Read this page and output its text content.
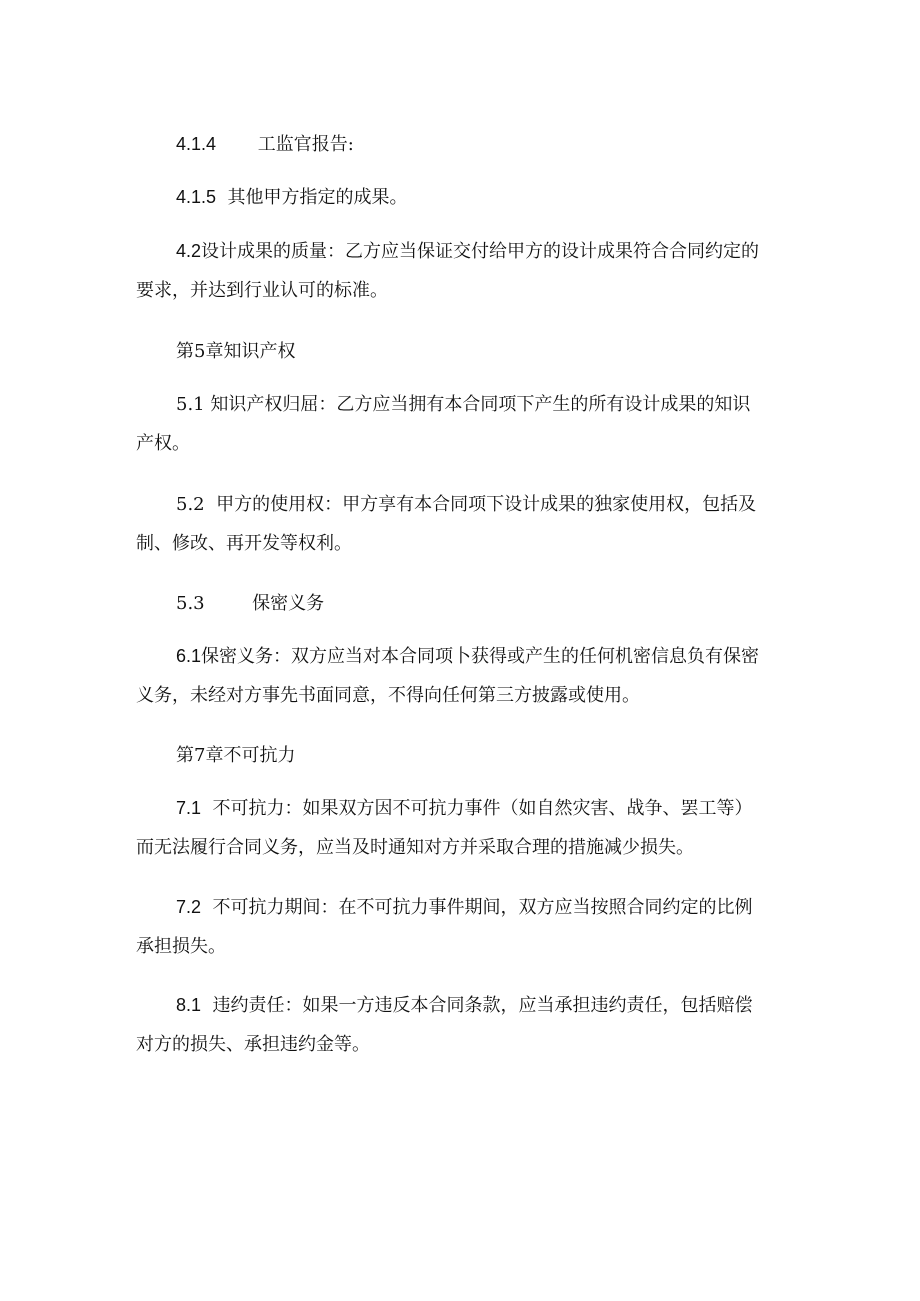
4.1.4　　 工监官报告:

4.1.5 其他甲方指定的成果。

4.2设计成果的质量：乙方应当保证交付给甲方的设计成果符合合同约定的
要求，并达到行业认可的标准。

第5章知识产权

5.1 知识产权归屈：乙方应当拥有本合同项下产生的所有设计成果的知识
产权。

5.2 甲方的使用权：甲方享有本合同项下设计成果的独家使用权，包括及
制、修改、再开发等权利。

5.3　　	保密义务

6.1保密义务：双方应当对本合同项卜获得或产生的任何机密信息负有保密
义务，未经对方事先书面同意，不得向任何第三方披露或使用。

第7章不可抗力

7.1 不可抗力：如果双方因不可抗力事件（如自然灾害、战争、罢工等）
而无法履行合同义务，应当及时通知对方并采取合理的措施减少损失。

7.2 不可抗力期间：在不可抗力事件期间，双方应当按照合同约定的比例
承担损失。

8.1 违约责任：如果一方违反本合同条款，应当承担违约责任，包括赔偿
对方的损失、承担违约金等。
